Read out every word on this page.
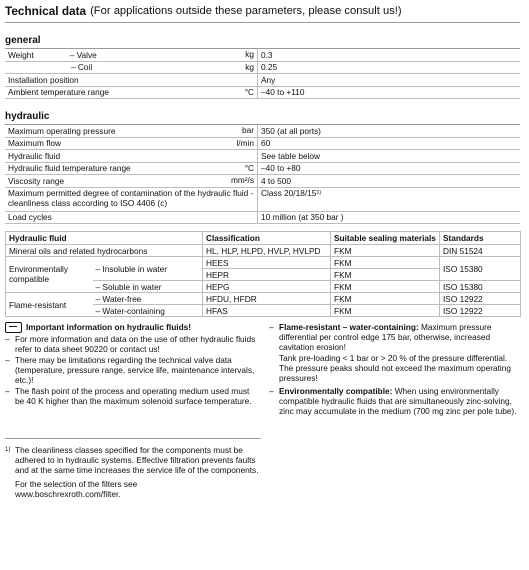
Technical data (For applications outside these parameters, please consult us!)
general
Weight – Valve kg	0.3
– Coil kg	0.25
Installation position	Any
Ambient temperature range °C	–40 to +110
hydraulic
Maximum operating pressure bar	350 (at all ports)
Maximum flow l/min	60
Hydraulic fluid	See table below
Hydraulic fluid temperature range °C	–40 to +80
Viscosity range mm²/s	4 to 500
Maximum permitted degree of contamination of the hydraulic fluid - cleanliness class according to ISO 4406 (c)	Class 20/18/15$^{1)}$
Load cycles	10 million (at 350 bar )
Hydraulic fluid		Classification	Suitable sealing materials	Standards
Mineral oils and related hydrocarbons		HL, HLP, HLPD, HVLP, HVLPD	FKM	DIN 51524
Environmentally compatible	– Insoluble in water	HEES	FKM	ISO 15380
		HEPR	FKM	
	– Soluble in water	HEPG	FKM	ISO 15380
Flame-resistant	– Water-free	HFDU, HFDR	FKM	ISO 12922
	– Water-containing	HFAS	FKM	ISO 12922
Important information on hydraulic fluids!
– For more information and data on the use of other hydraulic fluids refer to data sheet 90220 or contact us!
– There may be limitations regarding the technical valve data (temperature, pressure range, service life, maintenance intervals, etc.)!
– The flash point of the process and operating medium used must be 40 K higher than the maximum solenoid surface temperature.
– Flame-resistant – water-containing: Maximum pressure differential per control edge 175 bar, otherwise, increased cavitation erosion!
Tank pre-loading < 1 bar or > 20 % of the pressure differential. The pressure peaks should not exceed the maximum operating pressures!
– Environmentally compatible: When using environmentally compatible hydraulic fluids that are simultaneously zinc-solving, zinc may accumulate in the medium (700 mg zinc per pole tube).
1) The cleanliness classes specified for the components must be adhered to in hydraulic systems. Effective filtration prevents faults and at the same time increases the service life of the components.
For the selection of the filters see
www.boschrexroth.com/filter.
